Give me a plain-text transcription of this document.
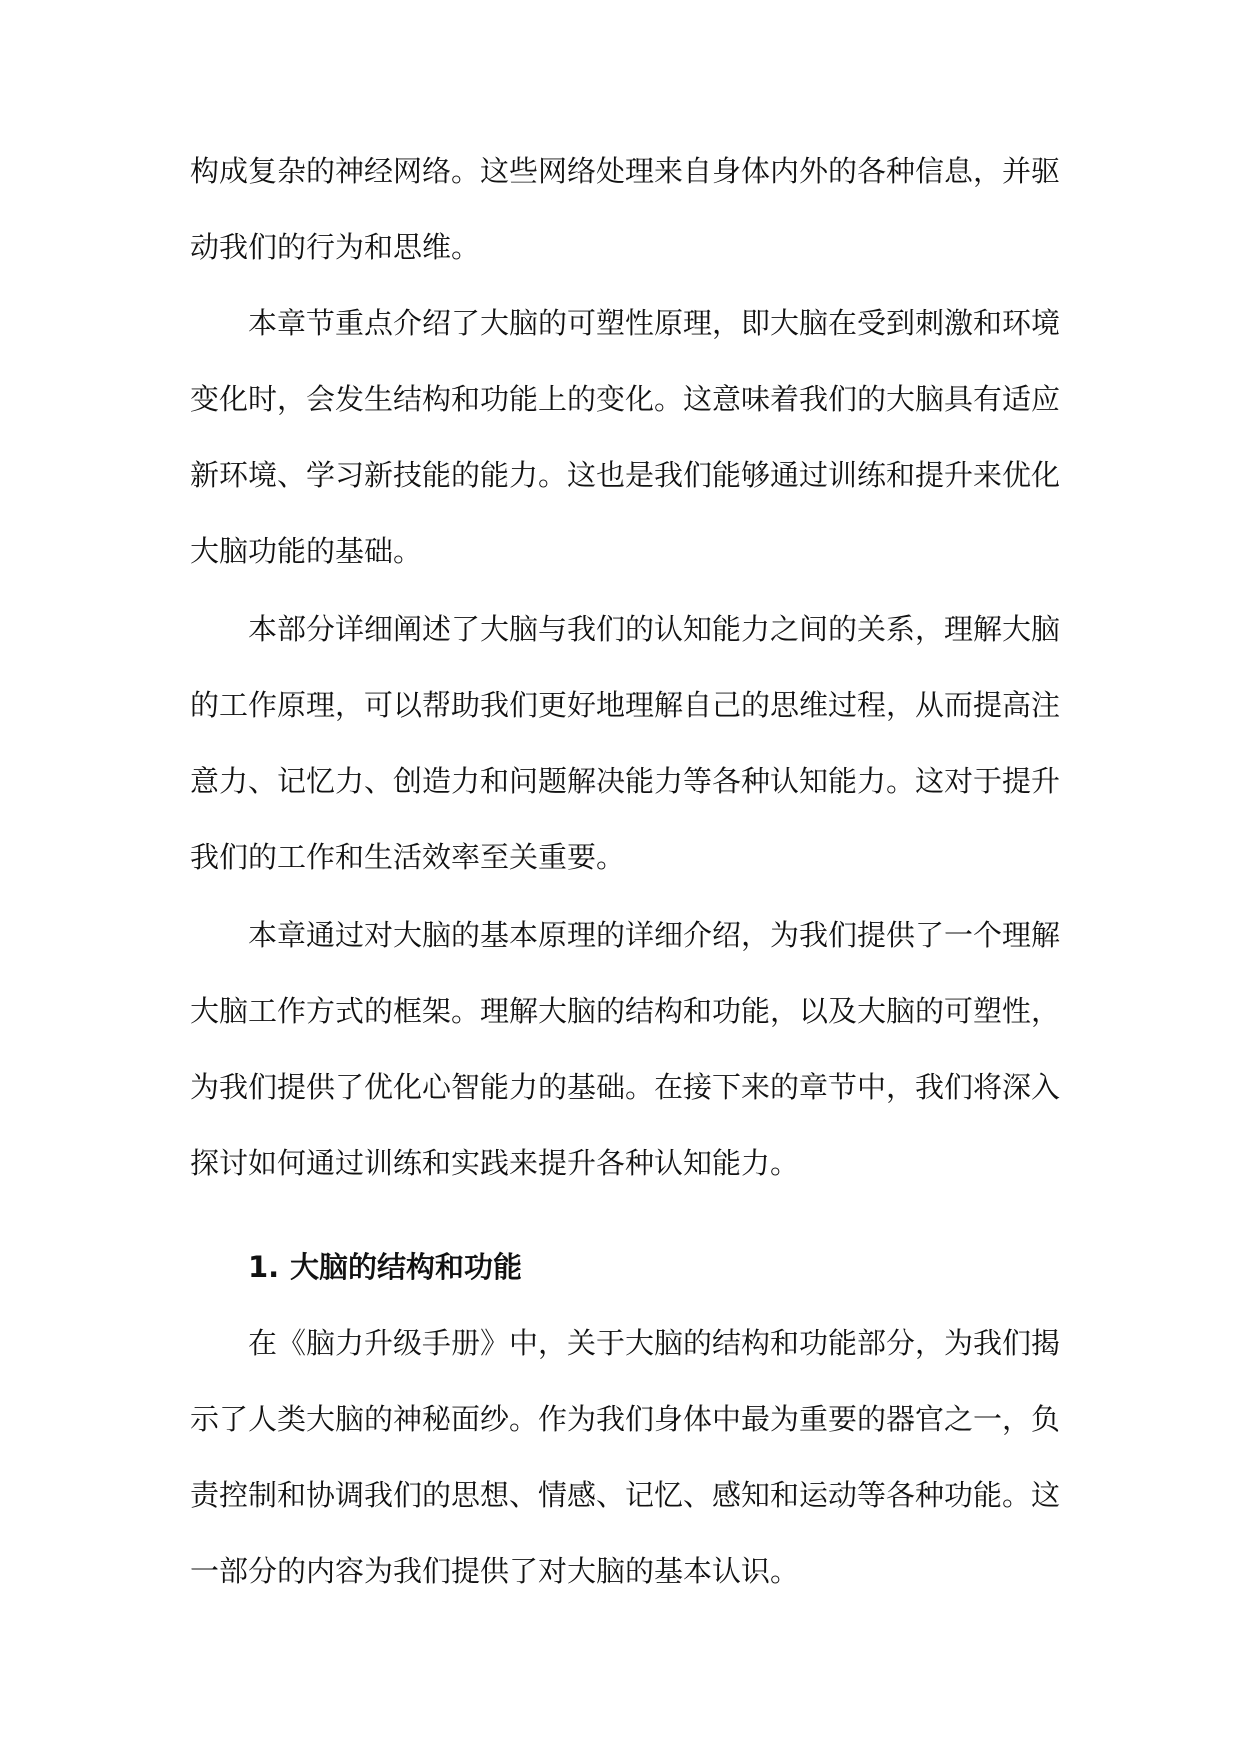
构成复杂的神经网络。这些网络处理来自身体内外的各种信息，并驱
动我们的行为和思维。
本章节重点介绍了大脑的可塑性原理，即大脑在受到刺激和环境
变化时，会发生结构和功能上的变化。这意味着我们的大脑具有适应
新环境、学习新技能的能力。这也是我们能够通过训练和提升来优化
大脑功能的基础。
本部分详细阐述了大脑与我们的认知能力之间的关系，理解大脑
的工作原理，可以帮助我们更好地理解自己的思维过程，从而提高注
意力、记忆力、创造力和问题解决能力等各种认知能力。这对于提升
我们的工作和生活效率至关重要。
本章通过对大脑的基本原理的详细介绍，为我们提供了一个理解
大脑工作方式的框架。理解大脑的结构和功能，以及大脑的可塑性，
为我们提供了优化心智能力的基础。在接下来的章节中，我们将深入
探讨如何通过训练和实践来提升各种认知能力。
1. 大脑的结构和功能
在《脑力升级手册》中，关于大脑的结构和功能部分，为我们揭
示了人类大脑的神秘面纱。作为我们身体中最为重要的器官之一，负
责控制和协调我们的思想、情感、记忆、感知和运动等各种功能。这
一部分的内容为我们提供了对大脑的基本认识。
